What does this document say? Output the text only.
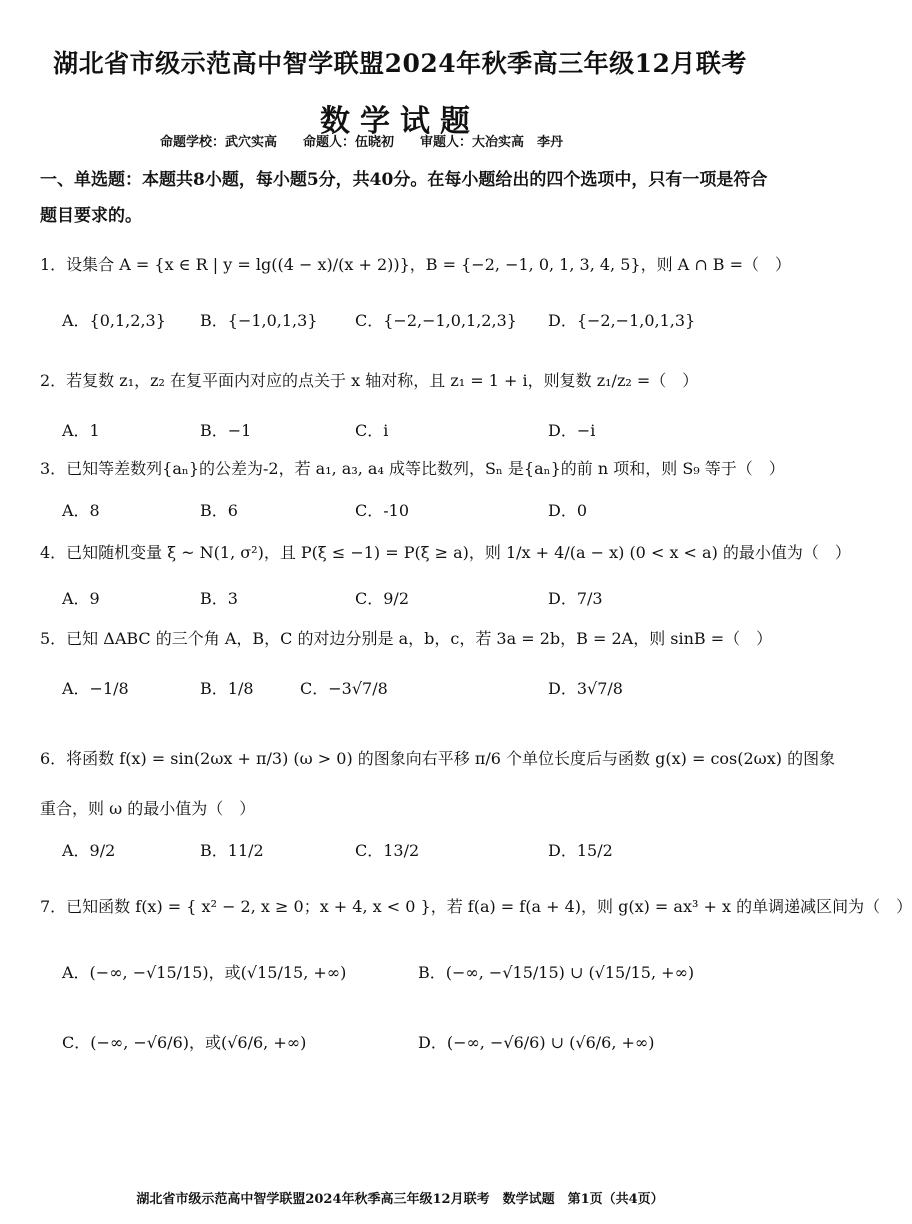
湖北省市级示范高中智学联盟2024年秋季高三年级12月联考
数学试题
命题学校：武穴实高 命题人：伍晓初 审题人：大冶实高　李丹
一、单选题：本题共8小题，每小题5分，共40分。在每小题给出的四个选项中，只有一项是符合题目要求的。
1．设集合 A = {x ∈ R | y = lg((4 − x)/(x + 2))}，B = {−2, −1, 0, 1, 3, 4, 5}，则 A ∩ B =（　）
A．{0,1,2,3} B．{−1,0,1,3} C．{−2,−1,0,1,2,3} D．{−2,−1,0,1,3}
2．若复数 z₁，z₂ 在复平面内对应的点关于 x 轴对称，且 z₁ = 1 + i，则复数 z₁/z₂ =（　）
A．1	B．−1	C．i	D．−i
3．已知等差数列{aₙ}的公差为-2，若 a₁, a₃, a₄ 成等比数列，Sₙ 是{aₙ}的前 n 项和，则 S₉ 等于（　）
A．8	B．6	C．-10	D．0
4．已知随机变量 ξ ~ N(1, σ²)，且 P(ξ ≤ −1) = P(ξ ≥ a)，则 1/x + 4/(a − x) (0 < x < a) 的最小值为（　）
A．9	B．3	C．9/2	D．7/3
5．已知 ΔABC 的三个角 A，B，C 的对边分别是 a，b，c，若 3a = 2b，B = 2A，则 sinB =（　）
A．−1/8	B．1/8	C．−3√7/8	D．3√7/8
6．将函数 f(x) = sin(2ωx + π/3) (ω > 0) 的图象向右平移 π/6 个单位长度后与函数 g(x) = cos(2ωx) 的图象
重合，则 ω 的最小值为（　）
A．9/2	B．11/2	C．13/2	D．15/2
7．已知函数 f(x) = { x² − 2, x ≥ 0；x + 4, x < 0 }，若 f(a) = f(a + 4)，则 g(x) = ax³ + x 的单调递减区间为（　）
A．(−∞, −√15/15)，或(√15/15, +∞)	B．(−∞, −√15/15) ∪ (√15/15, +∞)
C．(−∞, −√6/6)，或(√6/6, +∞)	D．(−∞, −√6/6) ∪ (√6/6, +∞)
湖北省市级示范高中智学联盟2024年秋季高三年级12月联考　数学试题　第1页（共4页）
